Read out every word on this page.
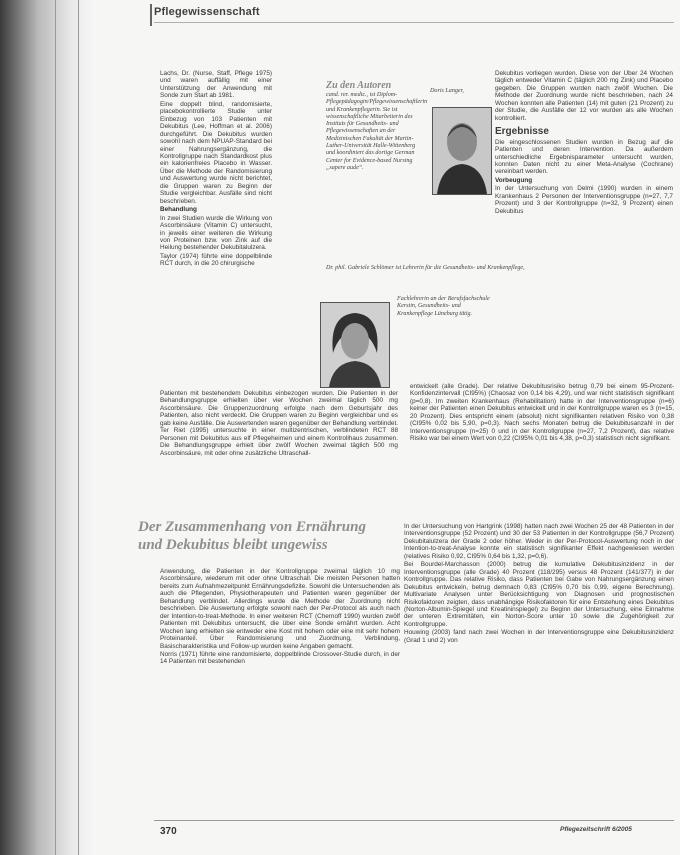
Pflegewissenschaft

Lachs, Dr. (Nurse, Staff, Pflege 1975) und waren auffällig mit einer Unterstützung der Anwendung mit Sonde zum Start ab 1981.

Eine doppelt blind, randomisierte, placebokontrollierte Studie unter Einbezug von 103 Patienten mit Dekubitus (Lee, Hoffman et al. 2006) durchgeführt. Die Dekubitus wurden sowohl nach dem NPUAP-Standard bei einer Nahrungsergänzung, die Kontrollgruppe nach Standardkost plus ein kalorienfreies Placebo in Wasser. Über die Methode der Randomisierung und Auswertung wurde nicht berichtet, die Gruppen waren zu Beginn der Studie vergleichbar. Ausfälle sind nicht beschrieben.

Behandlung

In zwei Studien wurde die Wirkung von Ascorbinsäure (Vitamin C) untersucht, in jeweils einer weiteren die Wirkung von Proteinen bzw. von Zink auf die Heilung bestehender Dekubitalulzera.

Taylor (1974) führte eine doppelblinde RCT durch, in die 20 chirurgische

Zu den Autoren	Doris Langer,
cand. rer. medic., ist Diplom-Pflegepädagogin/Pflegewissenschaftlerin und Krankenpflegerin. Sie ist wissenschaftliche Mitarbeiterin des Instituts für Gesundheits- und Pflegewissenschaften an der Medizinischen Fakultät der Martin-Luther-Universität Halle-Wittenberg und koordiniert das dortige German Center for Evidence-based Nursing „sapere aude“.
Dr. phil. Gabriele Schlömer ist Lehrerin für die Gesundheits- und Krankenpflege,
Fachlehrerin an der Berufsfachschule Kerstin, Gesundheits- und Krankenpflege Lüneburg tätig.

Dekubitus vorliegen wurden. Diese von der Über 24 Wochen täglich entweder Vitamin C (täglich 200 mg Zink) und Placebo gegeben. Die Gruppen wurden nach zwölf Wochen. Die Methode der Zuordnung wurde nicht beschrieben, nach 24 Wochen konnten alle Patienten (14) mit guten (21 Prozent) zu der Studie, die Ausfälle der 12 vor wurden als alle Wochen kontrolliert.

Ergebnisse

Die eingeschlossenen Studien wurden in Bezug auf die Patienten und deren Intervention. Da außerdem unterschiedliche Ergebnisparameter untersucht wurden, konnten Daten nicht zu einer Meta-Analyse (Cochrane) vereinbart werden.

Vorbeugung

In der Untersuchung von Delmi (1990) wurden in einem Krankenhaus 2 Personen der Interventionsgruppe (n=27, 7,7 Prozent) und 3 der Kontrollgruppe (n=32, 9 Prozent) einen Dekubitus

Patienten mit bestehendem Dekubitus einbezogen wurden. Die Patienten in der Behandlungsgruppe erhielten über vier Wochen zweimal täglich 500 mg Ascorbinsäure. Die Gruppenzuordnung erfolgte nach dem Geburtsjahr des Patienten, also nicht verdeckt. Die Gruppen waren zu Beginn vergleichbar und es gab keine Ausfälle. Die Auswertenden waren gegenüber der Behandlung verblindet. Ter Riet (1995) untersuchte in einer multizentrischen, verblindeten RCT 88 Personen mit Dekubitus aus elf Pflegeheimen und einem Kontrollhaus zusammen. Die Behandlungsgruppe erhielt über zwölf Wochen zweimal täglich 500 mg Ascorbinsäure, mit oder ohne zusätzliche Ultraschall-

entwickelt (alle Grade). Der relative Dekubitusrisiko betrug 0,79 bei einem 95-Prozent-Konfidenzintervall (CI95%) (Chaosaz von 0,14 bis 4,29), und war nicht statistisch signifikant (p=0,8). Im zweiten Krankenhaus (Rehabilitation) hatte in der Interventionsgruppe (n=6) keiner der Patienten einen Dekubitus entwickelt und in der Kontrollgruppe waren es 3 (n=15, 20 Prozent). Dies entspricht einem (absolut) nicht signifikanten relativen Risiko von 0,38 (CI95% 0,02 bis 5,90, p=0,3). Nach sechs Monaten betrug die Dekubitusanzahl in der Interventionsgruppe (n=25) 0 und in der Kontrollgruppe (n=27, 7,2 Prozent), das relative Risiko war bei einem Wert von 0,22 (CI95% 0,01 bis 4,38, p=0,3) statistisch nicht signifikant.

Der Zusammenhang von Ernährung
und Dekubitus bleibt ungewiss

Anwendung, die Patienten in der Kontrollgruppe zweimal täglich 10 mg Ascorbinsäure, wiederum mit oder ohne Ultraschall. Die meisten Personen hatten bereits zum Aufnahmezeitpunkt Ernährungsdefizite. Sowohl die Untersuchenden als auch die Pflegenden, Physiotherapeuten und Patienten waren gegenüber der Behandlung verblindet. Allerdings wurde die Methode der Zuordnung nicht beschrieben. Die Auswertung erfolgte sowohl nach der Per-Protocol als auch nach der Intention-to-treat-Methode. In einer weiteren RCT (Chernoff 1990) wurden zwölf Patienten mit Dekubitus untersucht, die über eine Sonde ernährt wurden. Acht Wochen lang erhielten sie entweder eine Kost mit hohem oder eine mit sehr hohem Proteinanteil. Über Randomisierung und Zuordnung, Verblindung, Basischarakteristika und Follow-up wurden keine Angaben gemacht.

Norris (1971) führte eine randomisierte, doppelblinde Crossover-Studie durch, in der 14 Patienten mit bestehenden

In der Untersuchung von Hartgrink (1998) hatten nach zwei Wochen 25 der 48 Patienten in der Interventionsgruppe (52 Prozent) und 30 der 53 Patienten in der Kontrollgruppe (56,7 Prozent) Dekubitalulzera der Grade 2 oder höher. Weder in der Per-Protocol-Auswertung noch in der Intention-to-treat-Analyse konnte ein statistisch signifikanter Effekt nachgewiesen werden (relatives Risiko 0,92, CI95% 0,64 bis 1,32, p=0,6).

Bei Bourdel-Marchasson (2000) betrug die kumulative Dekubitusinzidenz in der Interventionsgruppe (alle Grade) 40 Prozent (118/295) versus 48 Prozent (141/377) in der Kontrollgruppe. Das relative Risiko, dass Patienten bei Gabe von Nahrungsergänzung einen Dekubitus entwickeln, betrug demnach 0,83 (CI95% 0,70 bis 0,99, eigene Berechnung). Multivariate Analysen unter Berücksichtigung von Diagnosen und prognostischen Risikofaktoren zeigten, dass unabhängige Risikofaktoren für eine Entstehung eines Dekubitus (Norton-Albumin-Spiegel und Kreatininspiegel) zu Beginn der Untersuchung, eine Einnahme der unteren Extremitäten, ein Norton-Score unter 10 sowie die Zugehörigkeit zur Kontrollgruppe.

Houwing (2003) fand nach zwei Wochen in der Interventionsgruppe eine Dekubitusinzidenz (Grad 1 und 2) von

370	Pflegezeitschrift 6/2005
